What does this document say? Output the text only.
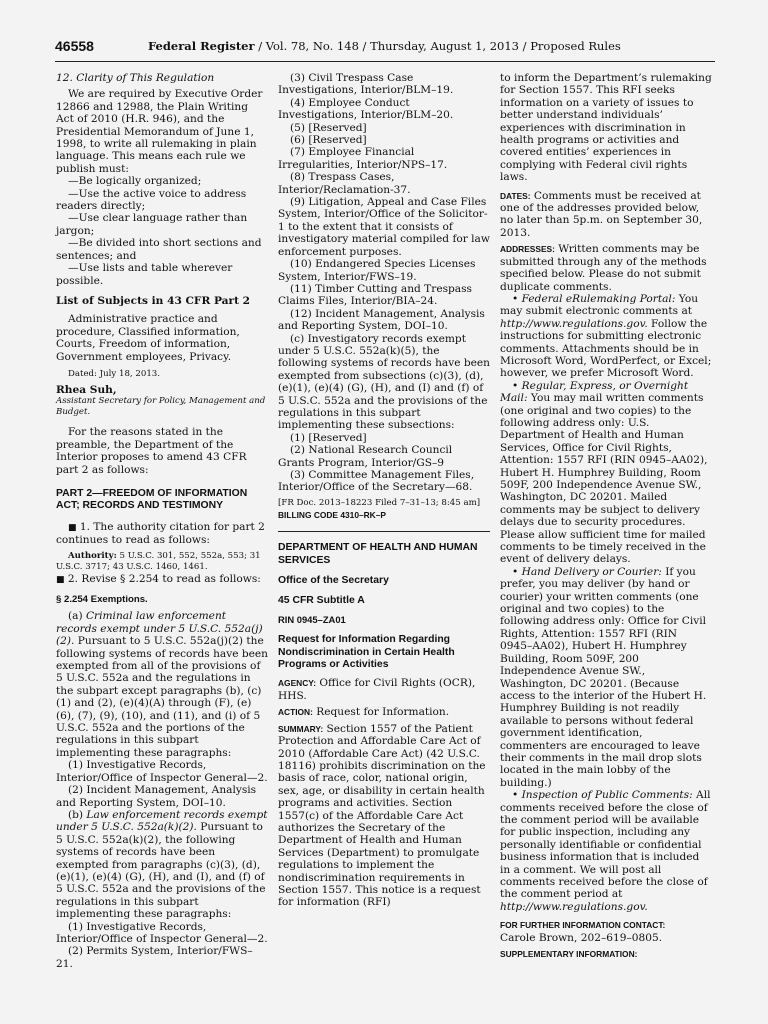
46558	Federal Register / Vol. 78, No. 148 / Thursday, August 1, 2013 / Proposed Rules

12. Clarity of This Regulation

We are required by Executive Order 12866 and 12988, the Plain Writing Act of 2010 (H.R. 946), and the Presidential Memorandum of June 1, 1998, to write all rulemaking in plain language. This means each rule we publish must:

—Be logically organized;

—Use the active voice to address readers directly;

—Use clear language rather than jargon;

—Be divided into short sections and sentences; and

—Use lists and table wherever possible.

List of Subjects in 43 CFR Part 2

Administrative practice and procedure, Classified information, Courts, Freedom of information, Government employees, Privacy.

Dated: July 18, 2013.

Rhea Suh,

Assistant Secretary for Policy, Management and Budget.

For the reasons stated in the preamble, the Department of the Interior proposes to amend 43 CFR part 2 as follows:

PART 2—FREEDOM OF INFORMATION ACT; RECORDS AND TESTIMONY

■ 1. The authority citation for part 2 continues to read as follows:

Authority: 5 U.S.C. 301, 552, 552a, 553; 31 U.S.C. 3717; 43 U.S.C. 1460, 1461.

■ 2. Revise § 2.254 to read as follows:

§ 2.254 Exemptions.

(a) Criminal law enforcement records exempt under 5 U.S.C. 552a(j)(2). Pursuant to 5 U.S.C. 552a(j)(2) the following systems of records have been exempted from all of the provisions of 5 U.S.C. 552a and the regulations in the subpart except paragraphs (b), (c)(1) and (2), (e)(4)(A) through (F), (e)(6), (7), (9), (10), and (11), and (i) of 5 U.S.C. 552a and the portions of the regulations in this subpart implementing these paragraphs:

(1) Investigative Records, Interior/Office of Inspector General—2.

(2) Incident Management, Analysis and Reporting System, DOI–10.

(b) Law enforcement records exempt under 5 U.S.C. 552a(k)(2). Pursuant to 5 U.S.C. 552a(k)(2), the following systems of records have been exempted from paragraphs (c)(3), (d), (e)(1), (e)(4) (G), (H), and (I), and (f) of 5 U.S.C. 552a and the provisions of the regulations in this subpart implementing these paragraphs:

(1) Investigative Records, Interior/Office of Inspector General—2.

(2) Permits System, Interior/FWS–21.

(3) Civil Trespass Case Investigations, Interior/BLM–19.

(4) Employee Conduct Investigations, Interior/BLM–20.

(5) [Reserved]

(6) [Reserved]

(7) Employee Financial Irregularities, Interior/NPS–17.

(8) Trespass Cases, Interior/Reclamation-37.

(9) Litigation, Appeal and Case Files System, Interior/Office of the Solicitor-1 to the extent that it consists of investigatory material compiled for law enforcement purposes.

(10) Endangered Species Licenses System, Interior/FWS–19.

(11) Timber Cutting and Trespass Claims Files, Interior/BIA–24.

(12) Incident Management, Analysis and Reporting System, DOI–10.

(c) Investigatory records exempt under 5 U.S.C. 552a(k)(5), the following systems of records have been exempted from subsections (c)(3), (d), (e)(1), (e)(4) (G), (H), and (I) and (f) of 5 U.S.C. 552a and the provisions of the regulations in this subpart implementing these subsections:

(1) [Reserved]

(2) National Research Council Grants Program, Interior/GS–9

(3) Committee Management Files, Interior/Office of the Secretary—68.

[FR Doc. 2013–18223 Filed 7–31–13; 8:45 am]

BILLING CODE 4310–RK–P

DEPARTMENT OF HEALTH AND HUMAN SERVICES

Office of the Secretary

45 CFR Subtitle A

RIN 0945–ZA01

Request for Information Regarding Nondiscrimination in Certain Health Programs or Activities

AGENCY: Office for Civil Rights (OCR), HHS.

ACTION: Request for Information.

SUMMARY: Section 1557 of the Patient Protection and Affordable Care Act of 2010 (Affordable Care Act) (42 U.S.C. 18116) prohibits discrimination on the basis of race, color, national origin, sex, age, or disability in certain health programs and activities. Section 1557(c) of the Affordable Care Act authorizes the Secretary of the Department of Health and Human Services (Department) to promulgate regulations to implement the nondiscrimination requirements in Section 1557. This notice is a request for information (RFI)

to inform the Department’s rulemaking for Section 1557. This RFI seeks information on a variety of issues to better understand individuals’ experiences with discrimination in health programs or activities and covered entities’ experiences in complying with Federal civil rights laws.

DATES: Comments must be received at one of the addresses provided below, no later than 5p.m. on September 30, 2013.

ADDRESSES: Written comments may be submitted through any of the methods specified below. Please do not submit duplicate comments.

• Federal eRulemaking Portal: You may submit electronic comments at http://www.regulations.gov. Follow the instructions for submitting electronic comments. Attachments should be in Microsoft Word, WordPerfect, or Excel; however, we prefer Microsoft Word.

• Regular, Express, or Overnight Mail: You may mail written comments (one original and two copies) to the following address only: U.S. Department of Health and Human Services, Office for Civil Rights, Attention: 1557 RFI (RIN 0945–AA02), Hubert H. Humphrey Building, Room 509F, 200 Independence Avenue SW., Washington, DC 20201. Mailed comments may be subject to delivery delays due to security procedures. Please allow sufficient time for mailed comments to be timely received in the event of delivery delays.

• Hand Delivery or Courier: If you prefer, you may deliver (by hand or courier) your written comments (one original and two copies) to the following address only: Office for Civil Rights, Attention: 1557 RFI (RIN 0945–AA02), Hubert H. Humphrey Building, Room 509F, 200 Independence Avenue SW., Washington, DC 20201. (Because access to the interior of the Hubert H. Humphrey Building is not readily available to persons without federal government identification, commenters are encouraged to leave their comments in the mail drop slots located in the main lobby of the building.)

• Inspection of Public Comments: All comments received before the close of the comment period will be available for public inspection, including any personally identifiable or confidential business information that is included in a comment. We will post all comments received before the close of the comment period at http://www.regulations.gov.

FOR FURTHER INFORMATION CONTACT:

Carole Brown, 202–619–0805.

SUPPLEMENTARY INFORMATION:
